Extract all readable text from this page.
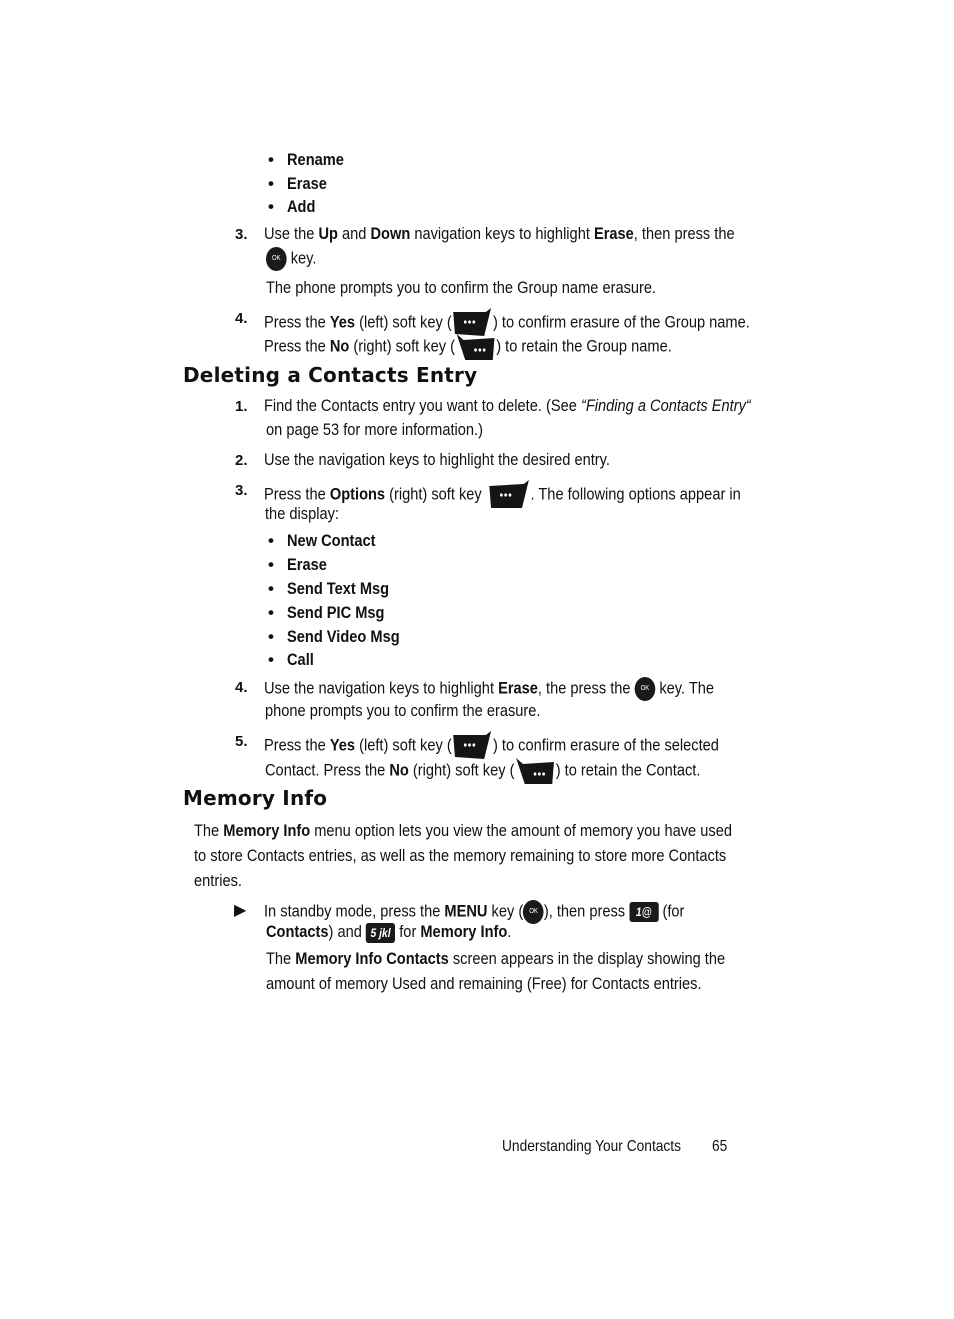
• Rename
• Erase
• Add
3. Use the Up and Down navigation keys to highlight Erase, then press the
OK key.
The phone prompts you to confirm the Group name erasure.
4. Press the Yes (left) soft key ( ) to confirm erasure of the Group name.
Press the No (right) soft key ( ) to retain the Group name.
Deleting a Contacts Entry
1. Find the Contacts entry you want to delete. (See “Finding a Contacts Entry“
on page 53 for more information.)
2. Use the navigation keys to highlight the desired entry.
3. Press the Options (right) soft key	. The following options appear in
the display:
• New Contact
• Erase
• Send Text Msg
• Send PIC Msg
• Send Video Msg
• Call
4. Use the navigation keys to highlight Erase, the press the OK key. The
phone prompts you to confirm the erasure.
5. Press the Yes (left) soft key ( ) to confirm erasure of the selected
Contact. Press the No (right) soft key ( ) to retain the Contact.
Memory Info
The Memory Info menu option lets you view the amount of memory you have used
to store Contacts entries, as well as the memory remaining to store more Contacts
entries.
▶ In standby mode, press the MENU key ( OK ), then press 1@ (for
Contacts) and 5 jkl for Memory Info.
The Memory Info Contacts screen appears in the display showing the
amount of memory Used and remaining (Free) for Contacts entries.
Understanding Your Contacts 65
